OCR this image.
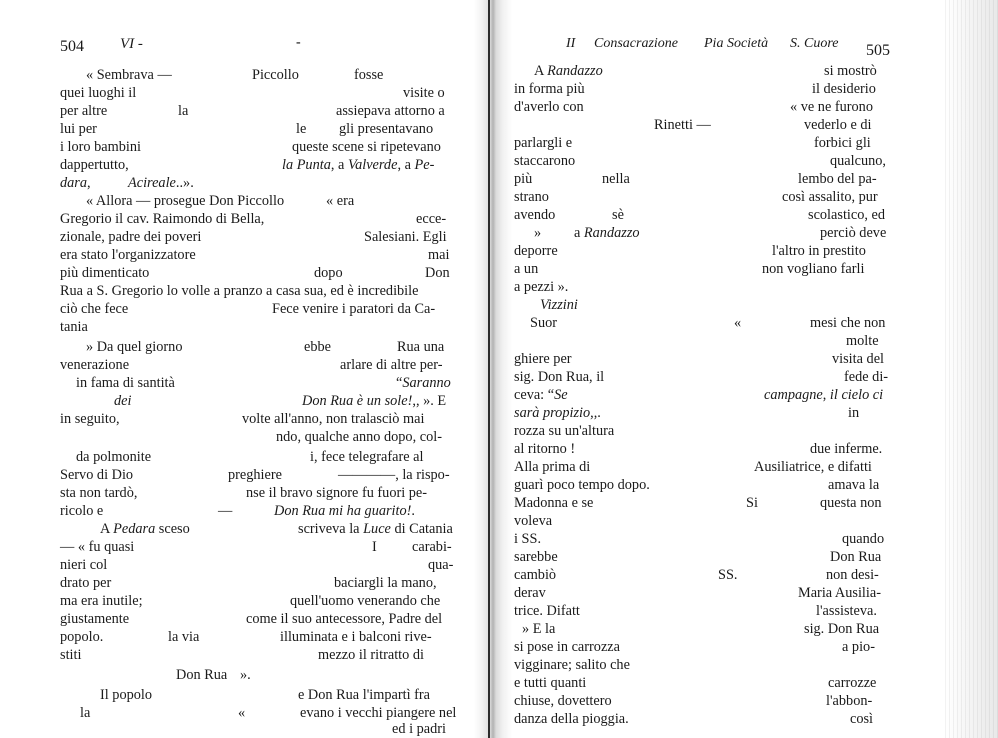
504 VI -	-
« Sembrava —	Piccollo	fosse
quei luoghi il	visite o
per altre	la	assiepava attorno a
lui per	le gli presentavano
i loro bambini	queste scene si ripetevano
dappertutto,	la Punta, a Valverde, a Pe-
dara,	Acireale..».
« Allora — prosegue Don Piccollo	« era
Gregorio il cav. Raimondo di Bella,	ecce-
zionale, padre dei poveri	Salesiani. Egli
era stato l'organizzatore	mai
più dimenticato	dopo	Don
Rua a S. Gregorio lo volle a pranzo a casa sua, ed è incredibile
ciò che fece	Fece venire i paratori da Ca-
tania
» Da quel giorno	ebbe	Rua una
venerazione	arlare di altre per-
in fama di santità	“Saranno
dei	Don Rua è un sole!,, ». E
in seguito,	volte all'anno, non tralasciò mai
ndo, qualche anno dopo, col-
da polmonite	i, fece telegrafare al
Servo di Dio	preghiere	————, la rispo-
sta non tardò,	nse il bravo signore fu fuori pe-
ricolo e	—	Don Rua mi ha guarito!.
A Pedara sceso	scriveva la Luce di Catania
— « fu quasi	I carabi-
nieri col	qua-
drato per	baciargli la mano,
ma era inutile;	quell'uomo venerando che
giustamente	come il suo antecessore, Padre del
popolo.	la via	illuminata e i balconi rive-
stiti	mezzo il ritratto di
Don Rua ».
Il popolo	e Don Rua l'impartì fra
la	«	evano i vecchi piangere nel
ed i padri
II Consacrazione Pia Società S. Cuore 505
A Randazzo	si mostrò
in forma più	il desiderio
d'averlo con	« ve ne furono
Rinetti —	vederlo e di
parlargli e	forbici gli
staccarono	qualcuno,
più	nella	lembo del pa-
strano	così assalito, pur
avendo	sè	scolastico, ed
» a Randazzo	perciò deve
deporre	l'altro in prestito
a un	non vogliano farli
a pezzi ».
Vizzini
Suor	«	mesi che non
molte
ghiere per	visita del
sig. Don Rua, il	fede di-
ceva: “Se	campagne, il cielo ci
sarà propizio,,.	in
rozza su un'altura
al ritorno !	due inferme.
Alla prima di	Ausiliatrice, e difatti
guarì poco tempo dopo.	amava la
Madonna e se	Si	questa non
voleva
i SS.	quando
sarebbe	Don Rua
cambiò	SS.	non desi-
derav	Maria Ausilia-
trice. Difatt	l'assisteva.
» E la	sig. Don Rua
si pose in carrozza	a pio-
vigginare; salito che
e tutti quanti	carrozze
chiuse, dovettero	l'abbon-
danza della pioggia.	così
